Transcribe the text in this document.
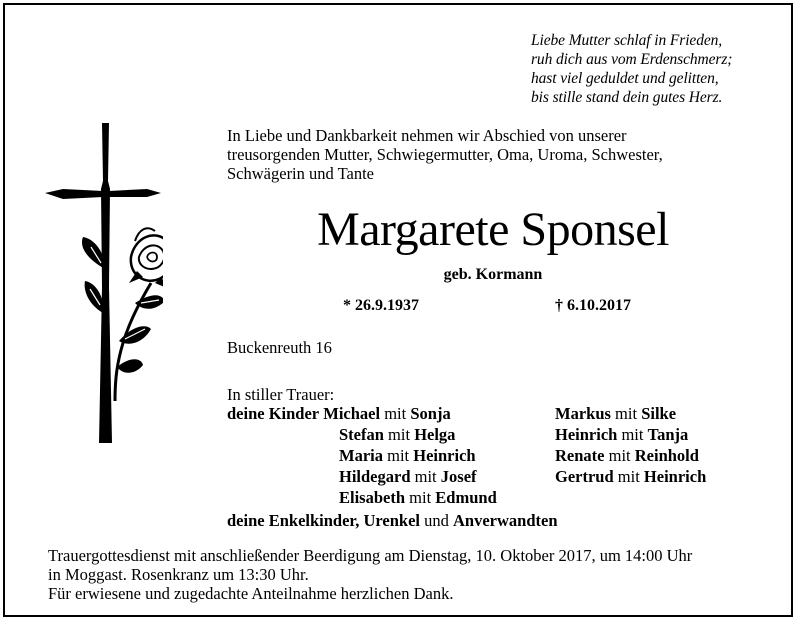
Liebe Mutter schlaf in Frieden,
ruh dich aus vom Erdenschmerz;
hast viel geduldet und gelitten,
bis stille stand dein gutes Herz.
In Liebe und Dankbarkeit nehmen wir Abschied von unserer
treusorgenden Mutter, Schwiegermutter, Oma, Uroma, Schwester,
Schwägerin und Tante
Margarete Sponsel
geb. Kormann
* 26.9.1937	† 6.10.2017
Buckenreuth 16
In stiller Trauer:
deine Kinder Michael mit Sonja
Stefan mit Helga
Maria mit Heinrich
Hildegard mit Josef
Elisabeth mit Edmund
Markus mit Silke
Heinrich mit Tanja
Renate mit Reinhold
Gertrud mit Heinrich
deine Enkelkinder, Urenkel und Anverwandten
Trauergottesdienst mit anschließender Beerdigung am Dienstag, 10. Oktober 2017, um 14:00 Uhr
in Moggast. Rosenkranz um 13:30 Uhr.
Für erwiesene und zugedachte Anteilnahme herzlichen Dank.
